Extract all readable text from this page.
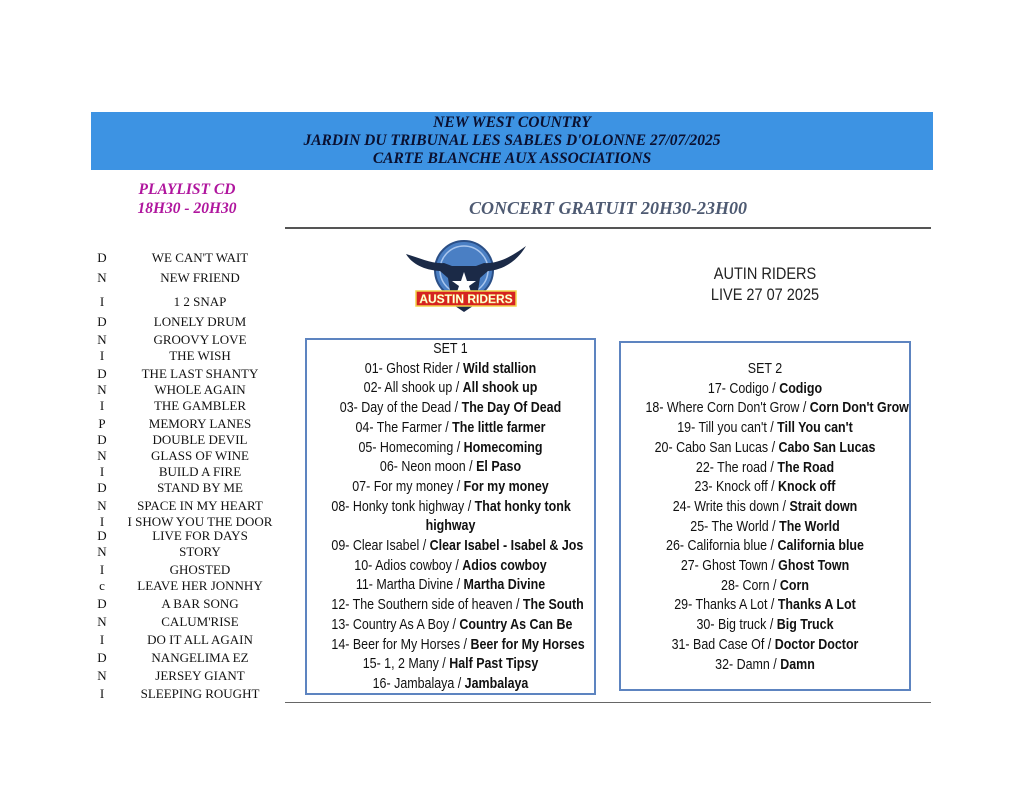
NEW WEST COUNTRY
JARDIN DU TRIBUNAL LES SABLES D'OLONNE 27/07/2025
CARTE BLANCHE AUX ASSOCIATIONS
PLAYLIST CD
18H30 - 20H30	CONCERT GRATUIT 20H30-23H00
D	WE CAN'T WAIT
N	NEW FRIEND
I	1 2 SNAP
D	LONELY DRUM
N	GROOVY LOVE
I	THE WISH
D	THE LAST SHANTY
N	WHOLE AGAIN
I	THE GAMBLER
P	MEMORY LANES
D	DOUBLE DEVIL
N	GLASS OF WINE
I	BUILD A FIRE
D	STAND BY ME
N	SPACE IN MY HEART
I	I SHOW YOU THE DOOR
D	LIVE FOR DAYS
N	STORY
I	GHOSTED
c	LEAVE HER JONNHY
D	A BAR SONG
N	CALUM'RISE
I	DO IT ALL AGAIN
D	NANGELIMA EZ
N	JERSEY GIANT
I	SLEEPING ROUGHT
AUSTIN RIDERS
AUTIN RIDERS
LIVE 27 07 2025
SET 1
01- Ghost Rider / Wild stallion
02- All shook up / All shook up
03- Day of the Dead / The Day Of Dead
04- The Farmer / The little farmer
05- Homecoming / Homecoming
06- Neon moon / El Paso
07- For my money / For my money
08- Honky tonk highway / That honky tonk
highway
09- Clear Isabel / Clear Isabel - Isabel & Jos
10- Adios cowboy / Adios cowboy
11- Martha Divine / Martha Divine
12- The Southern side of heaven / The South
13- Country As A Boy / Country As Can Be
14- Beer for My Horses / Beer for My Horses
15- 1, 2 Many / Half Past Tipsy
16- Jambalaya / Jambalaya
SET 2
17- Codigo / Codigo
18- Where Corn Don't Grow / Corn Don't Grow
19- Till you can't / Till You can't
20- Cabo San Lucas / Cabo San Lucas
22- The road / The Road
23- Knock off / Knock off
24- Write this down / Strait down
25- The World / The World
26- California blue / California blue
27- Ghost Town / Ghost Town
28- Corn / Corn
29- Thanks A Lot / Thanks A Lot
30- Big truck / Big Truck
31- Bad Case Of / Doctor Doctor
32- Damn / Damn
